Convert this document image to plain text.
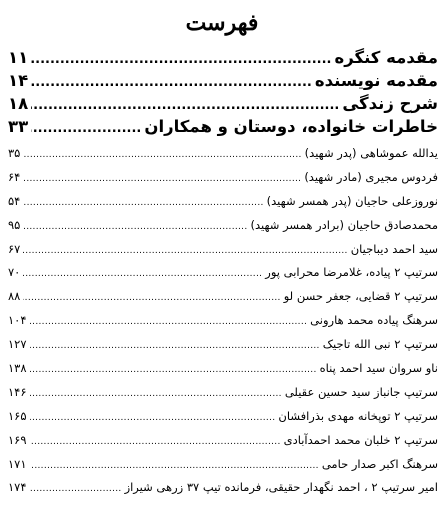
فهرست
مقدمه کنگره
.....
۱۱
مقدمه نویسنده
.....
۱۴
شرح زندگی
.....
۱۸
خاطرات خانواده، دوستان و همکاران
.....
۳۳
یدالله عموشاهی (پدر شهید)
.....
۳۵
فردوس مجیری (مادر شهید)
.....
۶۴
نوروزعلی حاجیان (پدر همسر شهید)
.....
۵۴
محمدصادق حاجیان (برادر همسر شهید)
.....
۹۵
سید احمد دیباجیان
.....
۶۷
سرتیپ ۲ پیاده، غلامرضا محرابی پور
.....
۷۰
سرتیپ ۲ قضایی، جعفر حسن لو
.....
۸۸
سرهنگ پیاده محمد هارونی
.....
۱۰۴
سرتیپ ۲ نبی الله تاجیک
.....
۱۲۷
ناو سروان سید احمد پناه
.....
۱۳۸
سرتیپ جانباز سید حسین عقیلی
.....
۱۴۶
سرتیپ ۲ توپخانه مهدی بذرافشان
.....
۱۶۵
سرتیپ ۲ خلبان محمد احمدآبادی
.....
۱۶۹
سرهنگ اکبر صدار حامی
.....
۱۷۱
امیر سرتیپ ۲ ، احمد نگهدار حقیقی، فرمانده تیپ ۳۷ زرهی شیراز
.....
۱۷۴
